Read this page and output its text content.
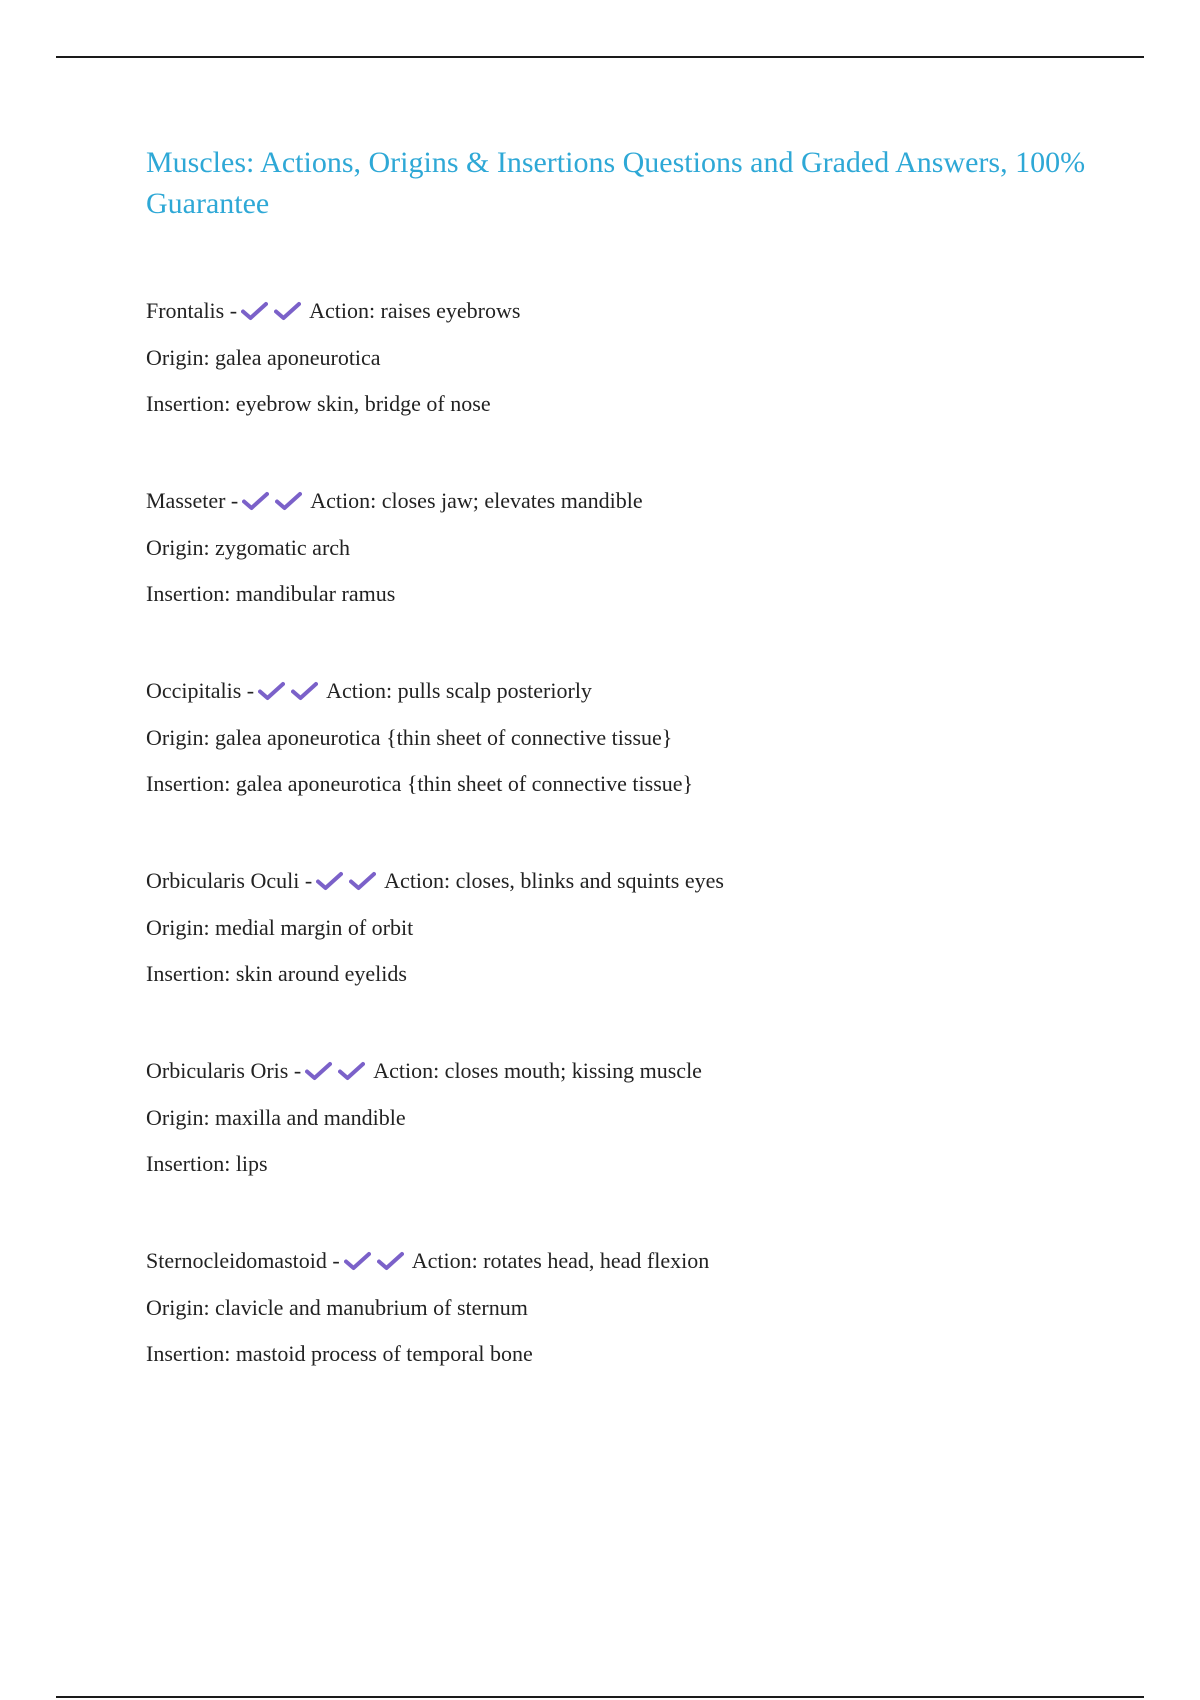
Muscles: Actions, Origins & Insertions Questions and Graded Answers, 100% Guarantee
Frontalis -	Action: raises eyebrows
Origin: galea aponeurotica
Insertion: eyebrow skin, bridge of nose
Masseter -	Action: closes jaw; elevates mandible
Origin: zygomatic arch
Insertion: mandibular ramus
Occipitalis -	Action: pulls scalp posteriorly
Origin: galea aponeurotica {thin sheet of connective tissue}
Insertion: galea aponeurotica {thin sheet of connective tissue}
Orbicularis Oculi -	Action: closes, blinks and squints eyes
Origin: medial margin of orbit
Insertion: skin around eyelids
Orbicularis Oris -	Action: closes mouth; kissing muscle
Origin: maxilla and mandible
Insertion: lips
Sternocleidomastoid -	Action: rotates head, head flexion
Origin: clavicle and manubrium of sternum
Insertion: mastoid process of temporal bone
